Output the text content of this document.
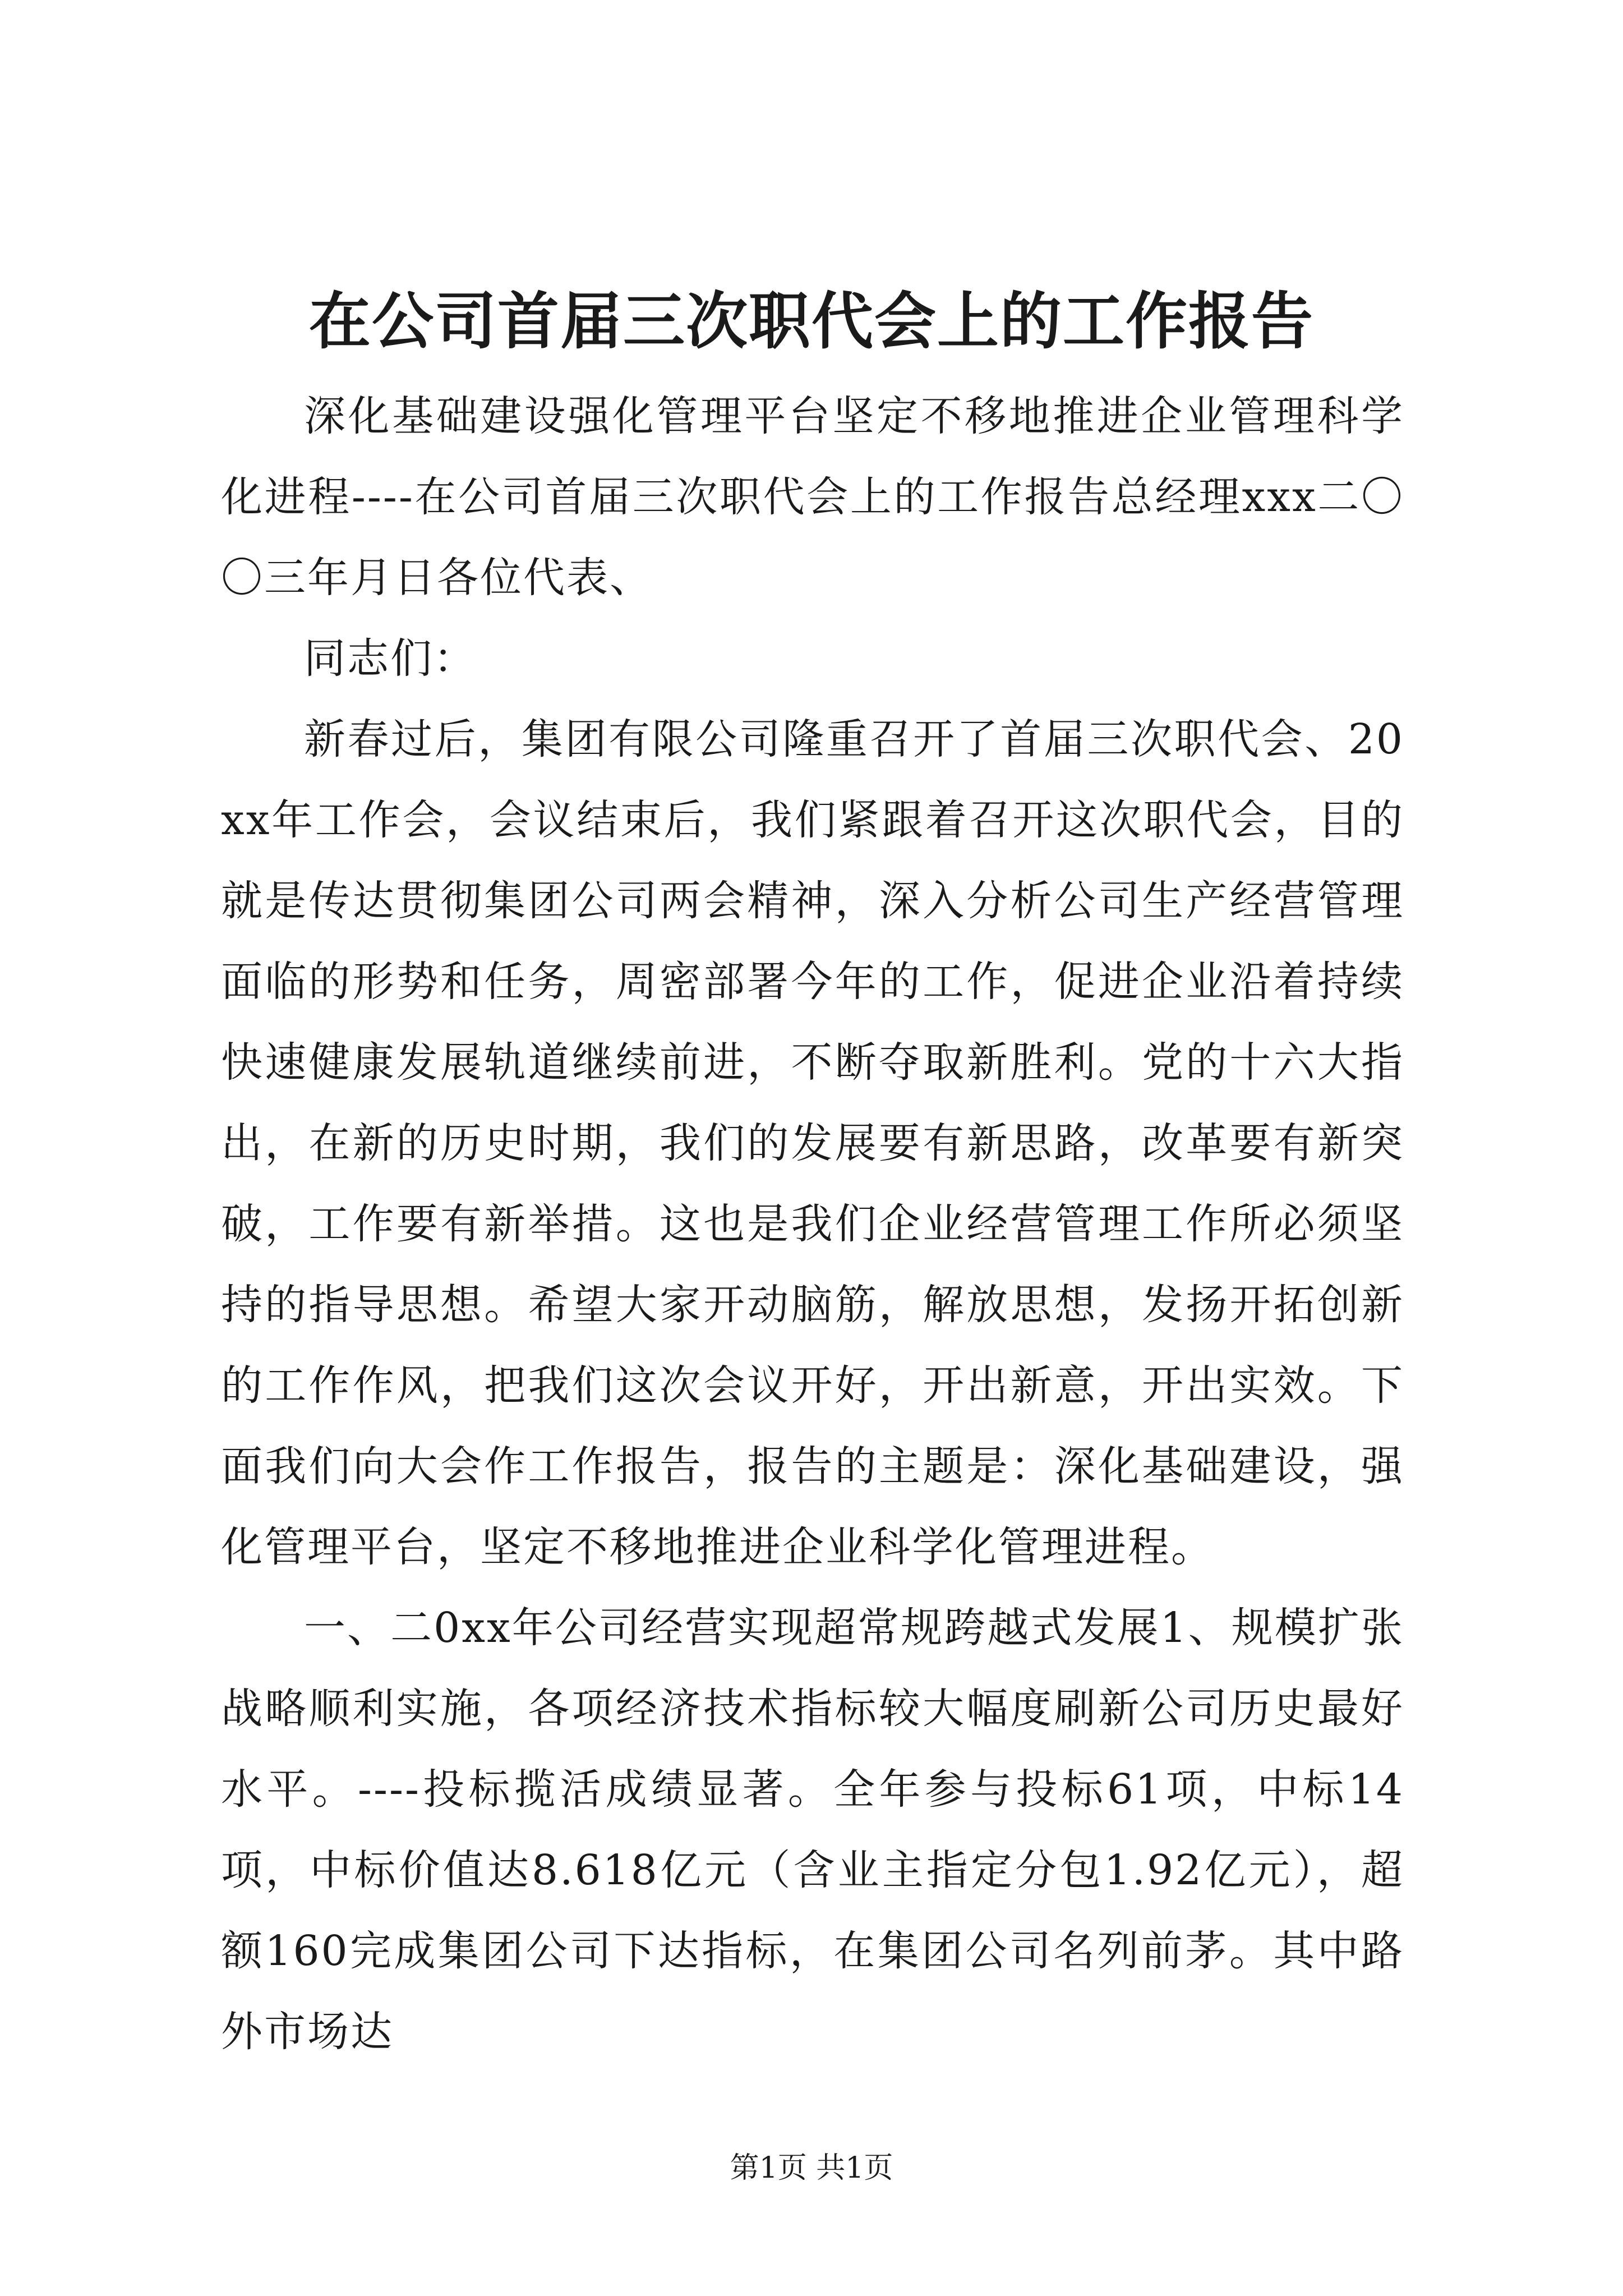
在公司首届三次职代会上的工作报告

深化基础建设强化管理平台坚定不移地推进企业管理科学化进程----在公司首届三次职代会上的工作报告总经理xxx二〇〇三年月日各位代表、

同志们：

新春过后，集团有限公司隆重召开了首届三次职代会、20xx年工作会，会议结束后，我们紧跟着召开这次职代会，目的就是传达贯彻集团公司两会精神，深入分析公司生产经营管理面临的形势和任务，周密部署今年的工作，促进企业沿着持续快速健康发展轨道继续前进，不断夺取新胜利。党的十六大指出，在新的历史时期，我们的发展要有新思路，改革要有新突破，工作要有新举措。这也是我们企业经营管理工作所必须坚持的指导思想。希望大家开动脑筋，解放思想，发扬开拓创新的工作作风，把我们这次会议开好，开出新意，开出实效。下面我们向大会作工作报告，报告的主题是：深化基础建设，强化管理平台，坚定不移地推进企业科学化管理进程。

一、二0xx年公司经营实现超常规跨越式发展1、规模扩张战略顺利实施，各项经济技术指标较大幅度刷新公司历史最好水平。----投标揽活成绩显著。全年参与投标61项，中标14项，中标价值达8.618亿元（含业主指定分包1.92亿元），超额160完成集团公司下达指标，在集团公司名列前茅。其中路外市场达

第1页 共1页
